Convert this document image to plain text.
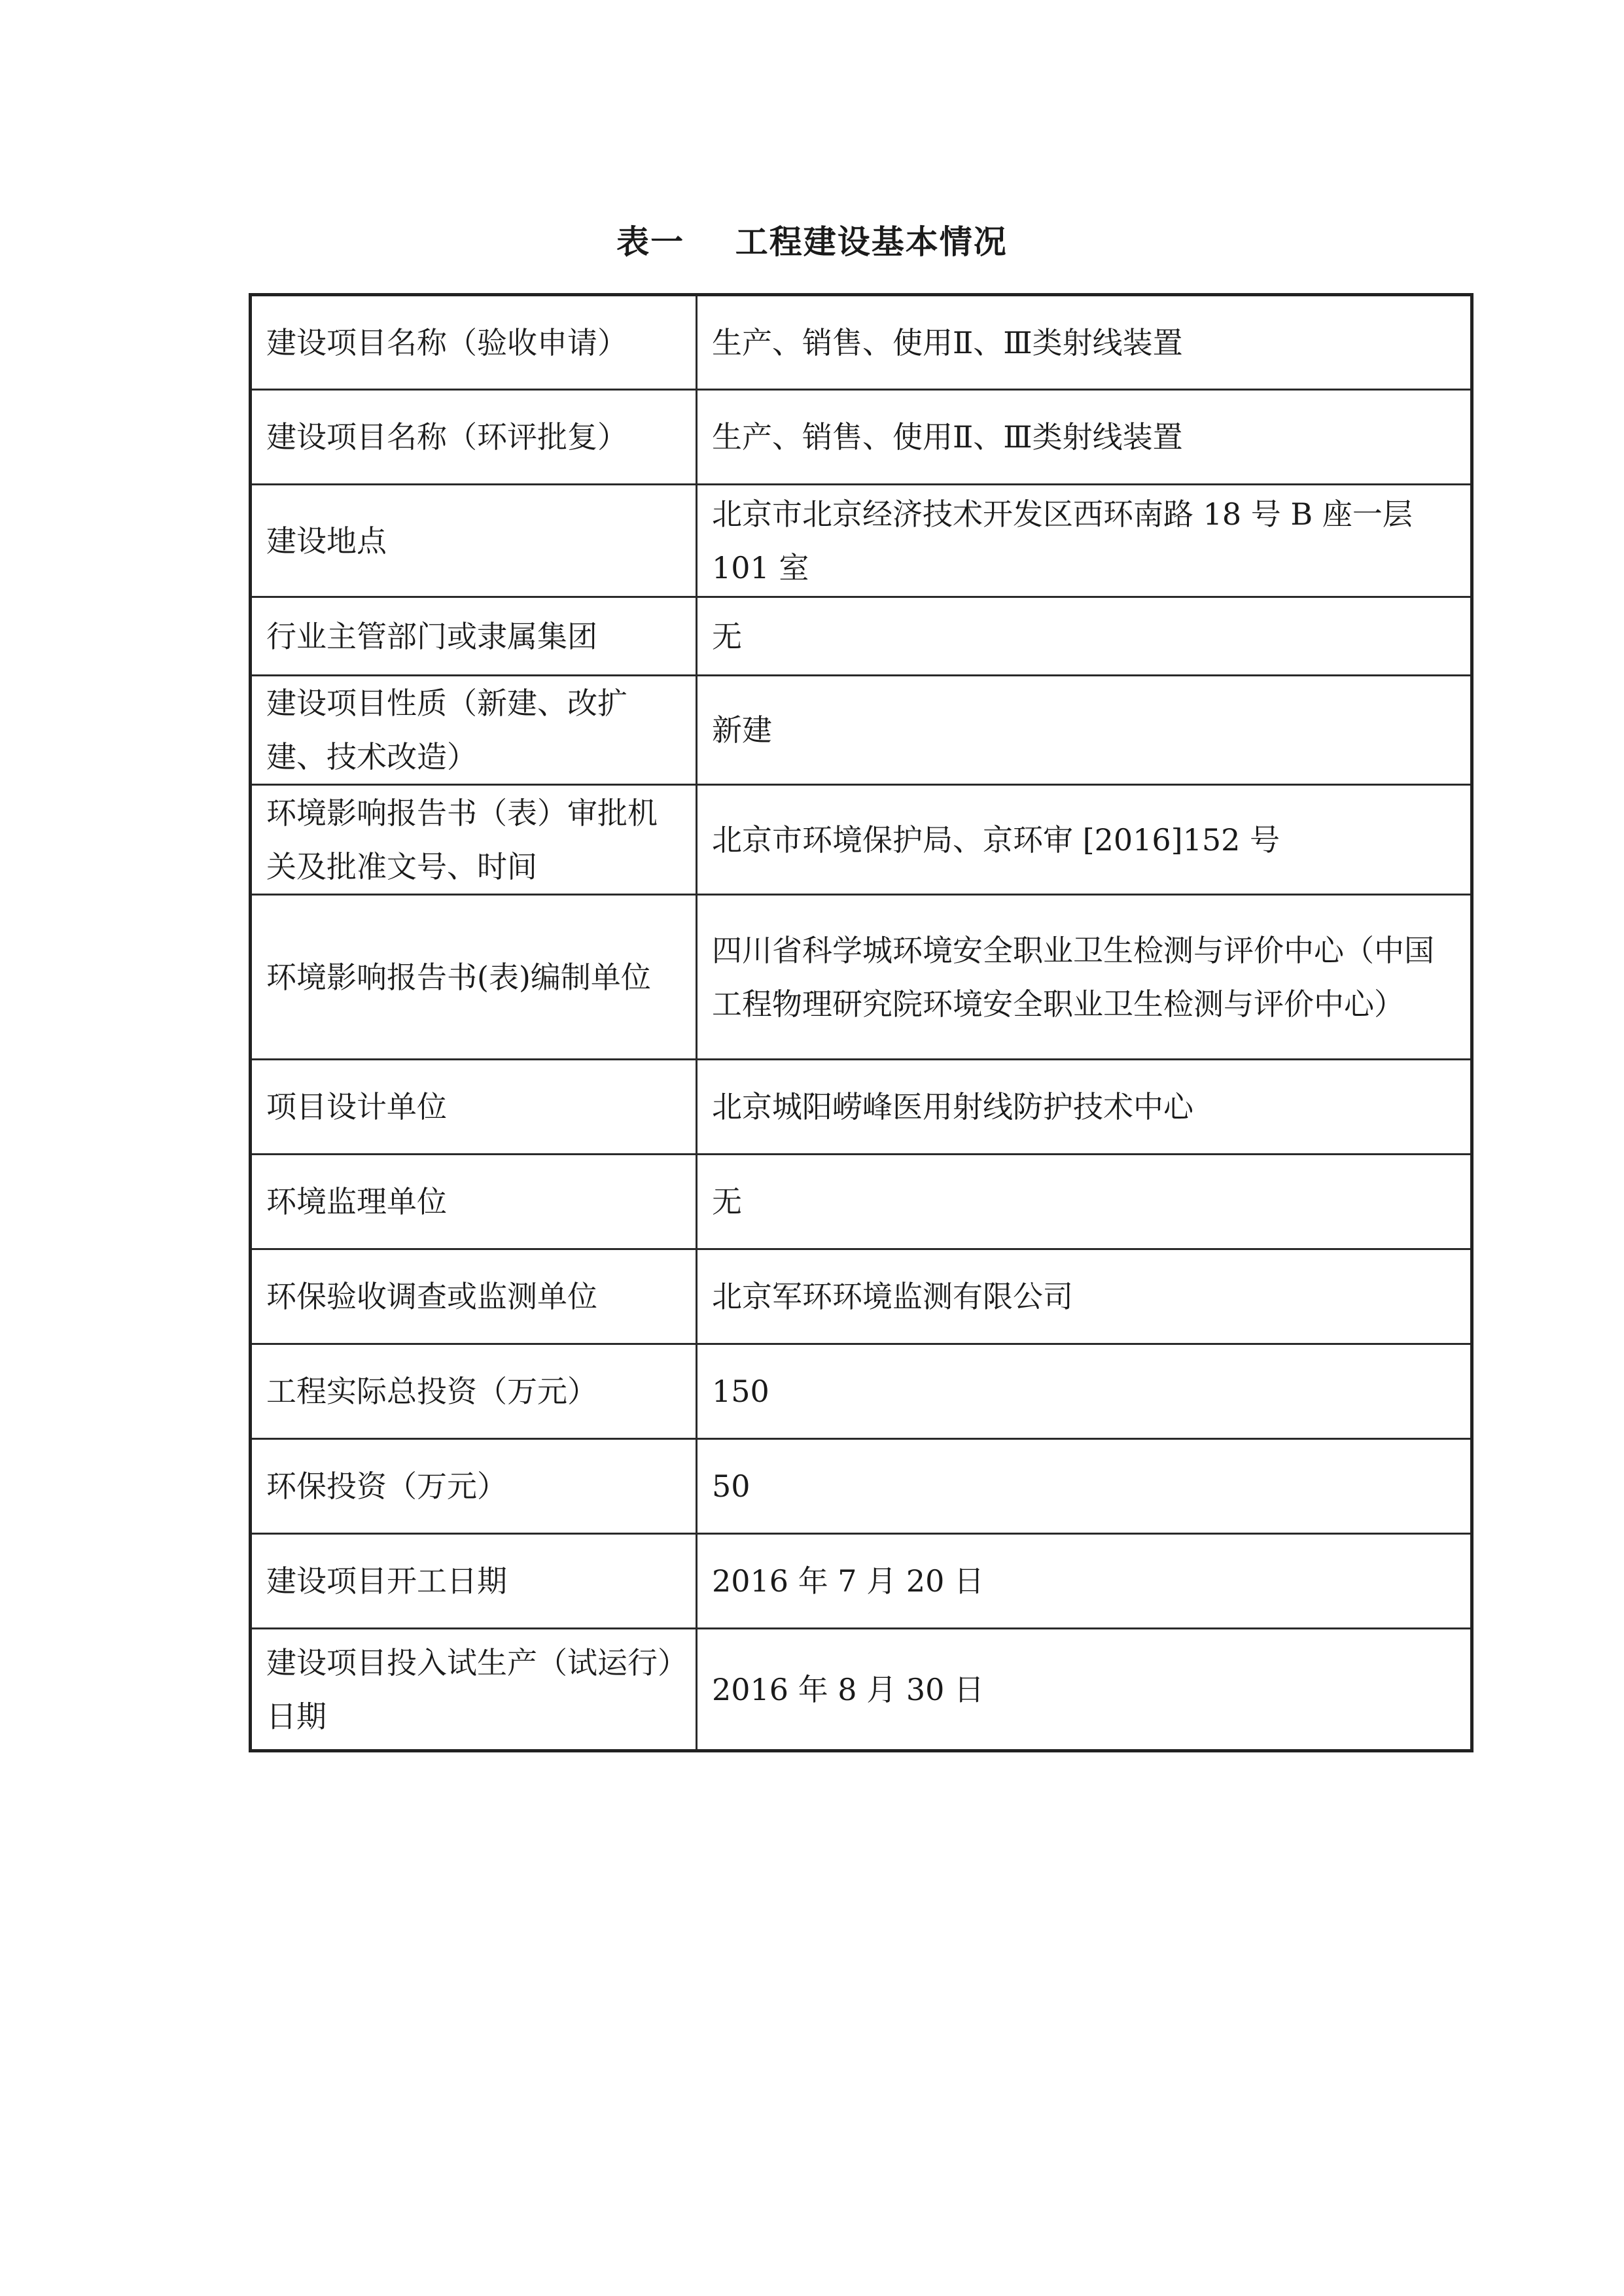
表一    工程建设基本情况
建设项目名称（验收申请）	生产、销售、使用Ⅱ、Ⅲ类射线装置
建设项目名称（环评批复）	生产、销售、使用Ⅱ、Ⅲ类射线装置
建设地点	北京市北京经济技术开发区西环南路 18 号 B 座一层 101 室
行业主管部门或隶属集团	无
建设项目性质（新建、改扩建、技术改造）	新建
环境影响报告书（表）审批机关及批准文号、时间	北京市环境保护局、京环审 [2016]152 号
环境影响报告书(表)编制单位	四川省科学城环境安全职业卫生检测与评价中心（中国工程物理研究院环境安全职业卫生检测与评价中心）
项目设计单位	北京城阳崂峰医用射线防护技术中心
环境监理单位	无
环保验收调查或监测单位	北京军环环境监测有限公司
工程实际总投资（万元）	150
环保投资（万元）	50
建设项目开工日期	2016 年 7 月 20 日
建设项目投入试生产（试运行）日期	2016 年 8 月 30 日
